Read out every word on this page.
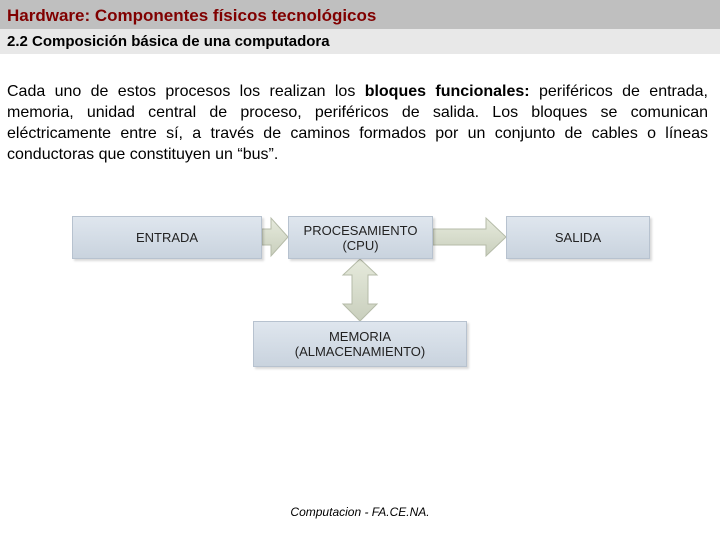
Hardware: Componentes físicos tecnológicos
2.2 Composición básica de una computadora

Cada uno de estos procesos los realizan los bloques funcionales: periféricos de entrada, memoria, unidad central de proceso, periféricos de salida. Los bloques se comunican eléctricamente entre sí, a través de caminos formados por un conjunto de cables o líneas conductoras que constituyen un “bus”.

ENTRADA	PROCESAMIENTO
(CPU)	SALIDA
MEMORIA
(ALMACENAMIENTO)
Computacion - FA.CE.NA.
